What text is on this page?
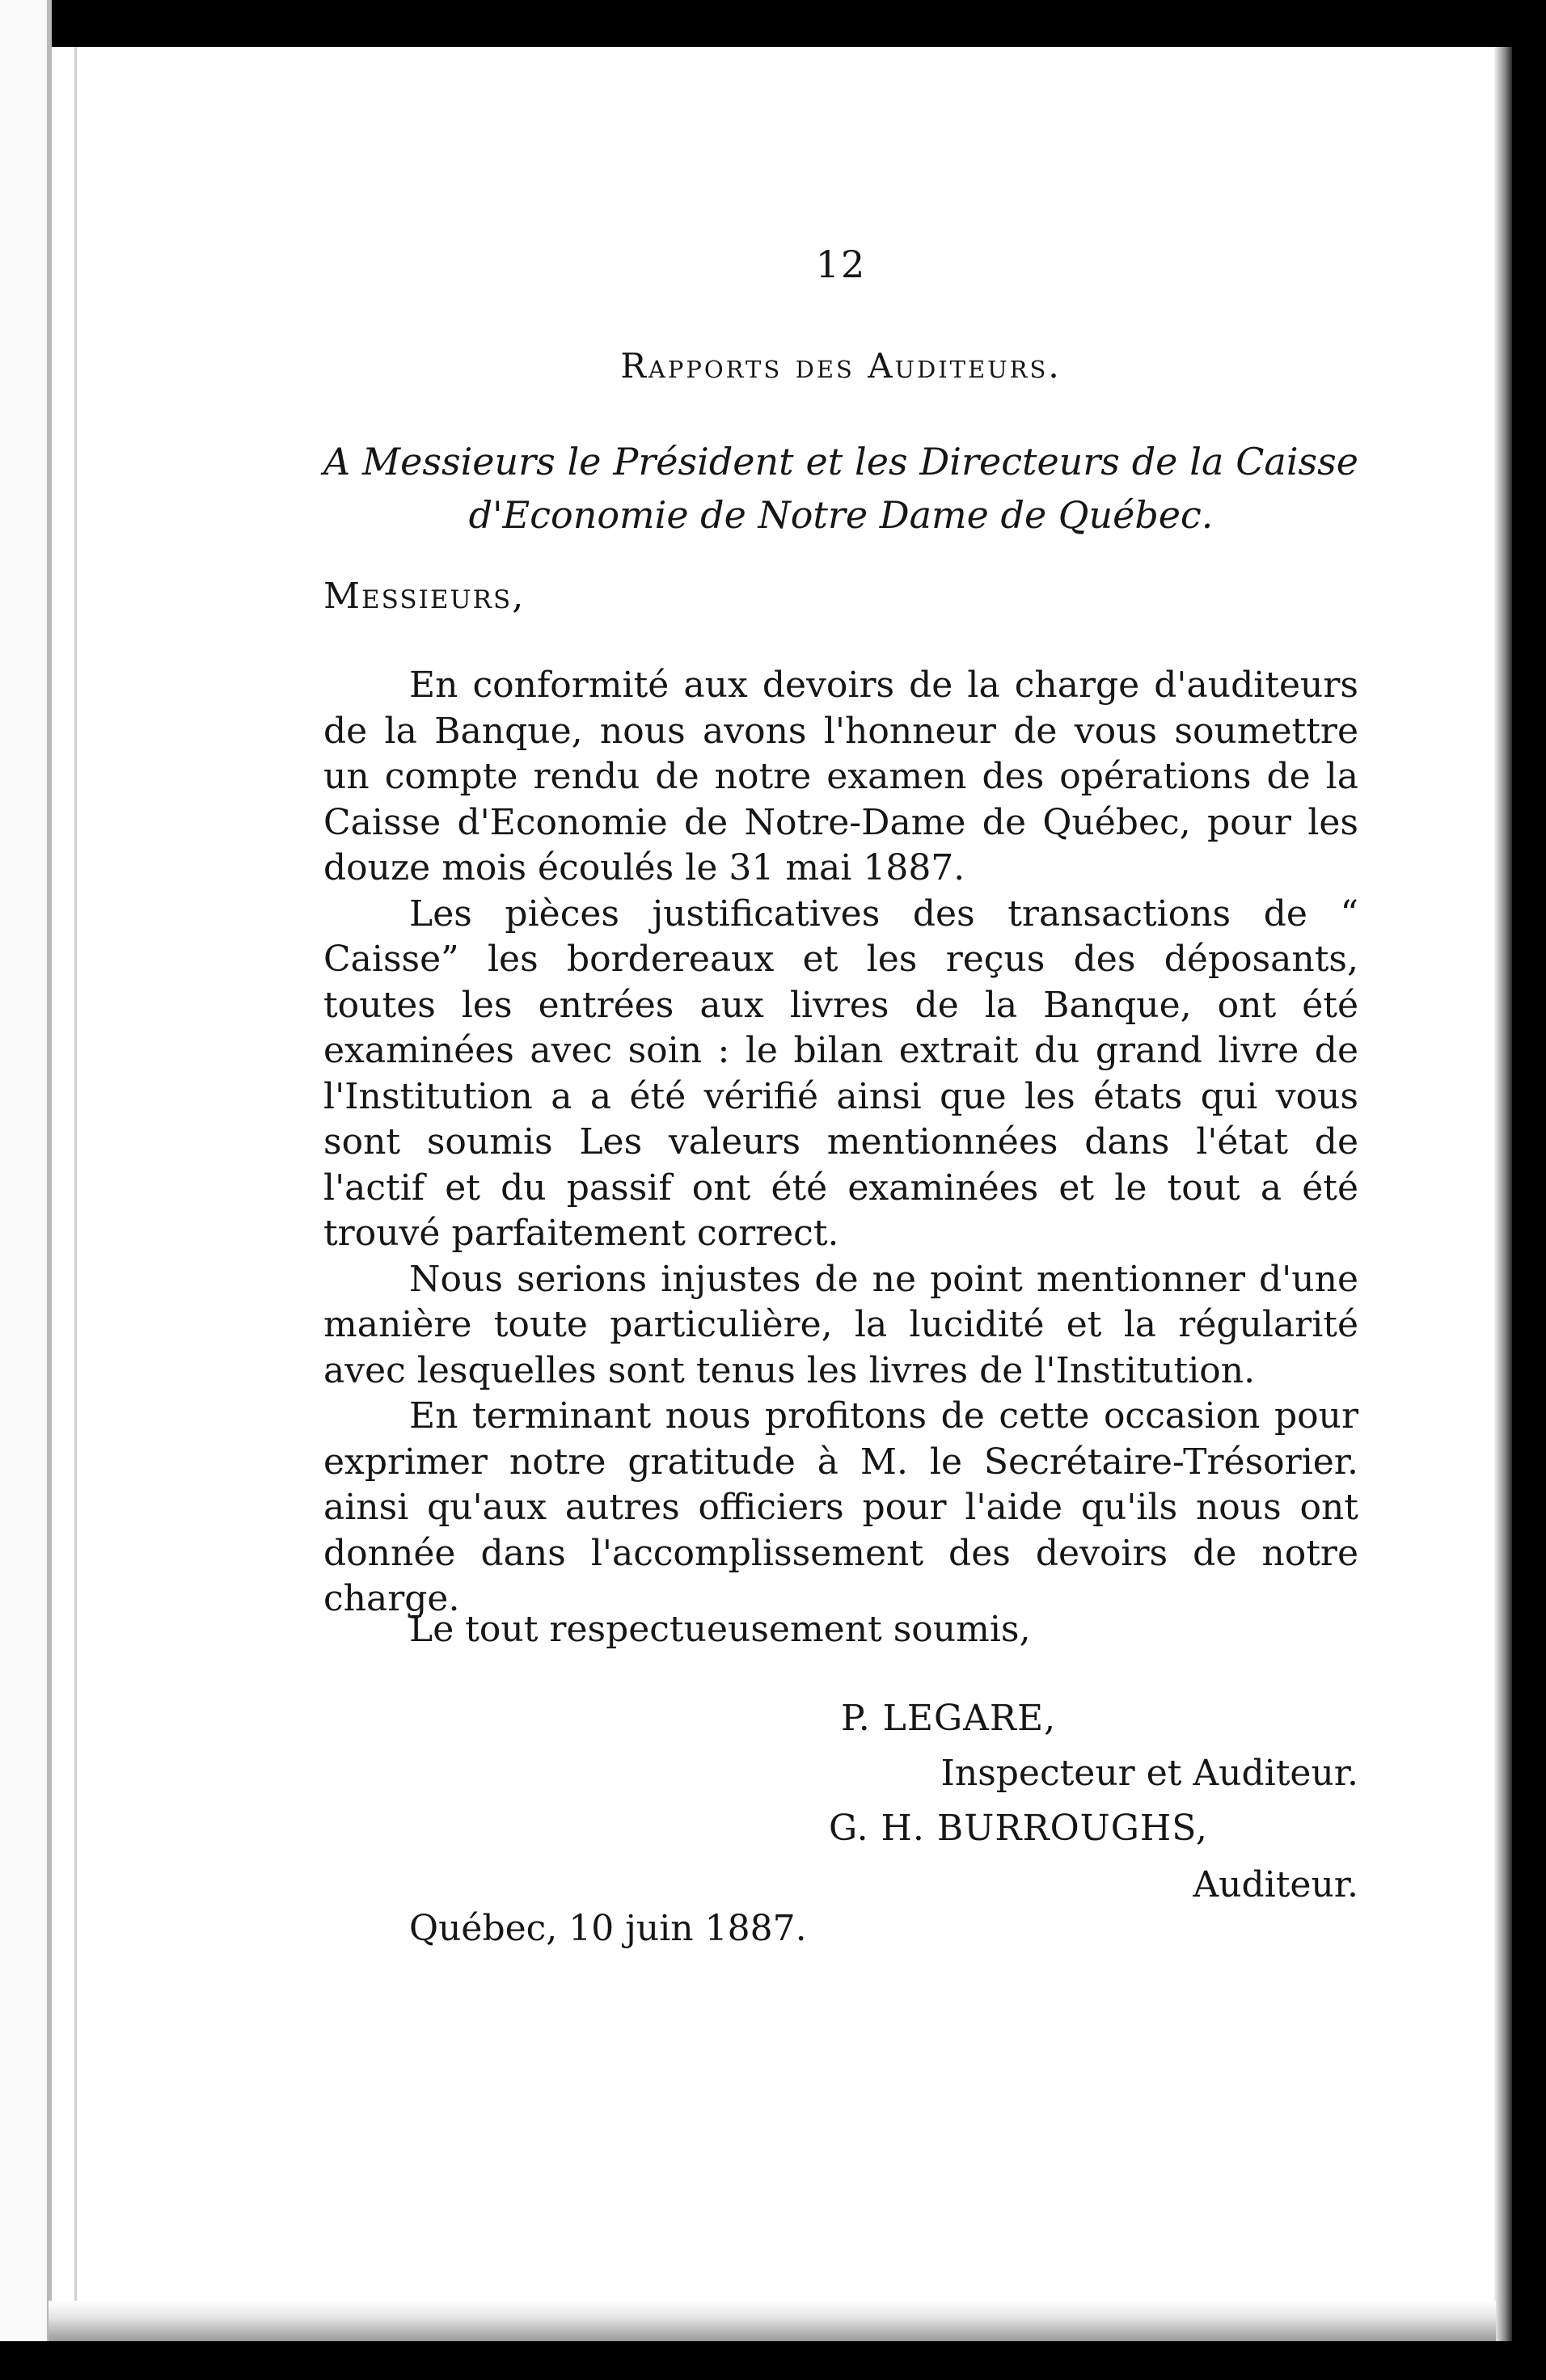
12
Rapports des Auditeurs.
A Messieurs le Président et les Directeurs de la Caisse
d'Economie de Notre Dame de Québec.
Messieurs,

En conformité aux devoirs de la charge d'auditeurs de la Banque, nous avons l'honneur de vous soumettre un compte rendu de notre examen des opérations de la Caisse d'Economie de Notre-Dame de Québec, pour les douze mois écoulés le 31 mai 1887.

Les pièces justificatives des transactions de “ Caisse” les bordereaux et les reçus des déposants, toutes les entrées aux livres de la Banque, ont été examinées avec soin : le bilan extrait du grand livre de l'Institution a a été vérifié ainsi que les états qui vous sont soumis Les valeurs mentionnées dans l'état de l'actif et du passif ont été examinées et le tout a été trouvé parfaitement correct.

Nous serions injustes de ne point mentionner d'une manière toute particulière, la lucidité et la régularité avec lesquelles sont tenus les livres de l'Institution.

En terminant nous profitons de cette occasion pour exprimer notre gratitude à M. le Secrétaire-Trésorier. ainsi qu'aux autres officiers pour l'aide qu'ils nous ont donnée dans l'accomplissement des devoirs de notre charge.

Le tout respectueusement soumis,
P. LEGARE,
Inspecteur et Auditeur.
G. H. BURROUGHS,
Auditeur.
Québec, 10 juin 1887.
